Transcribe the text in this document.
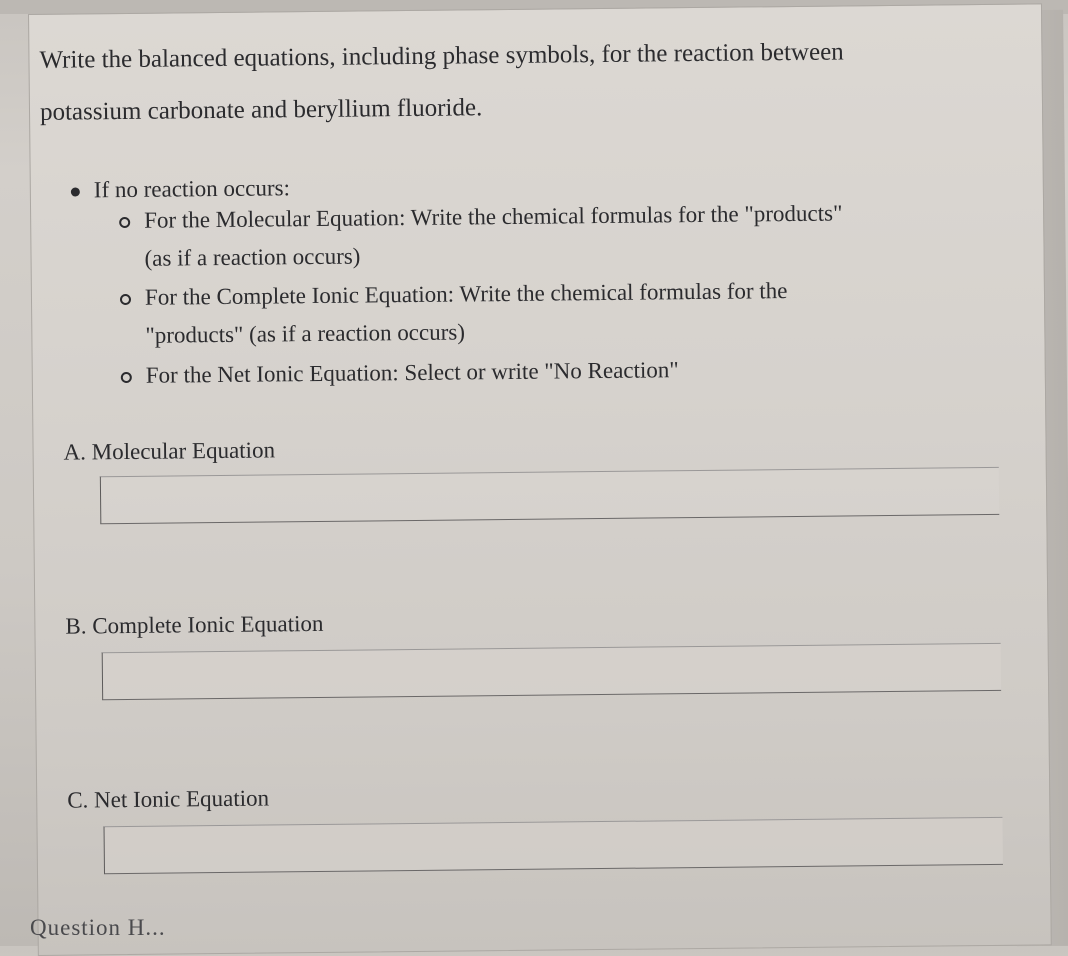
Write the balanced equations, including phase symbols, for the reaction between
potassium carbonate and beryllium fluoride.
If no reaction occurs:
For the Molecular Equation: Write the chemical formulas for the "products"
(as if a reaction occurs)
For the Complete Ionic Equation: Write the chemical formulas for the
"products" (as if a reaction occurs)
For the Net Ionic Equation: Select or write "No Reaction"
A. Molecular Equation
B. Complete Ionic Equation
C. Net Ionic Equation
Question H...
